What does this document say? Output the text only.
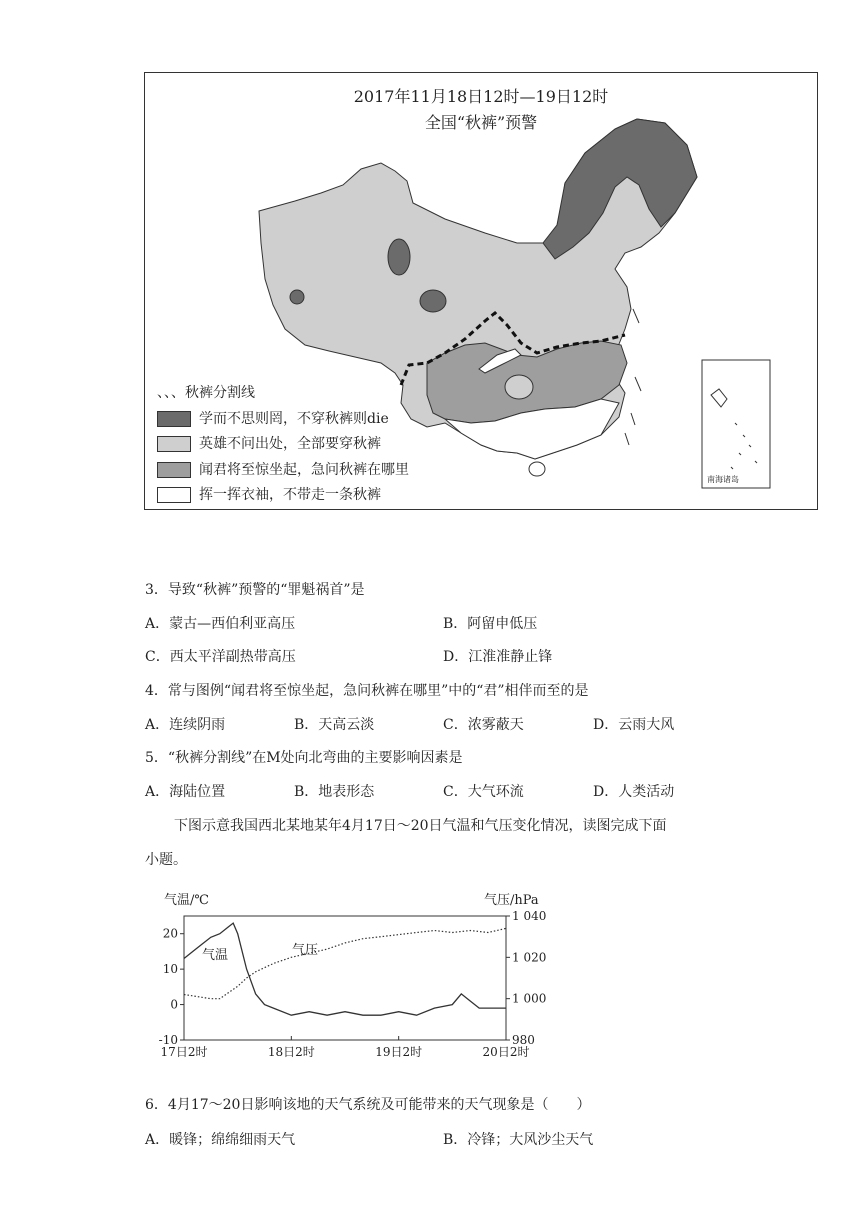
2017年11月18日12时—19日12时
全国“秋裤”预警
南海诸岛
、、、秋裤分割线
学而不思则罔，不穿秋裤则die
英雄不问出处，全部要穿秋裤
闻君将至惊坐起，急问秋裤在哪里
挥一挥衣袖，不带走一条秋裤
3．导致“秋裤”预警的“罪魁祸首”是
A．蒙古—西伯利亚高压	B．阿留申低压
C．西太平洋副热带高压	D．江淮准静止锋
4．常与图例“闻君将至惊坐起，急问秋裤在哪里”中的“君”相伴而至的是
A．连续阴雨	B．天高云淡	C．浓雾蔽天	D．云雨大风
5．“秋裤分割线”在M处向北弯曲的主要影响因素是
A．海陆位置	B．地表形态	C．大气环流	D．人类活动
下图示意我国西北某地某年4月17日～20日气温和气压变化情况，读图完成下面
小题。
气温/℃	气压/hPa
20
10
0
-10
1 040
1 020
1 000
980
17日2时	18日2时	19日2时	20日2时
气温	气压
6．4月17～20日影响该地的天气系统及可能带来的天气现象是（　　）
A．暖锋；绵绵细雨天气	B．冷锋；大风沙尘天气
